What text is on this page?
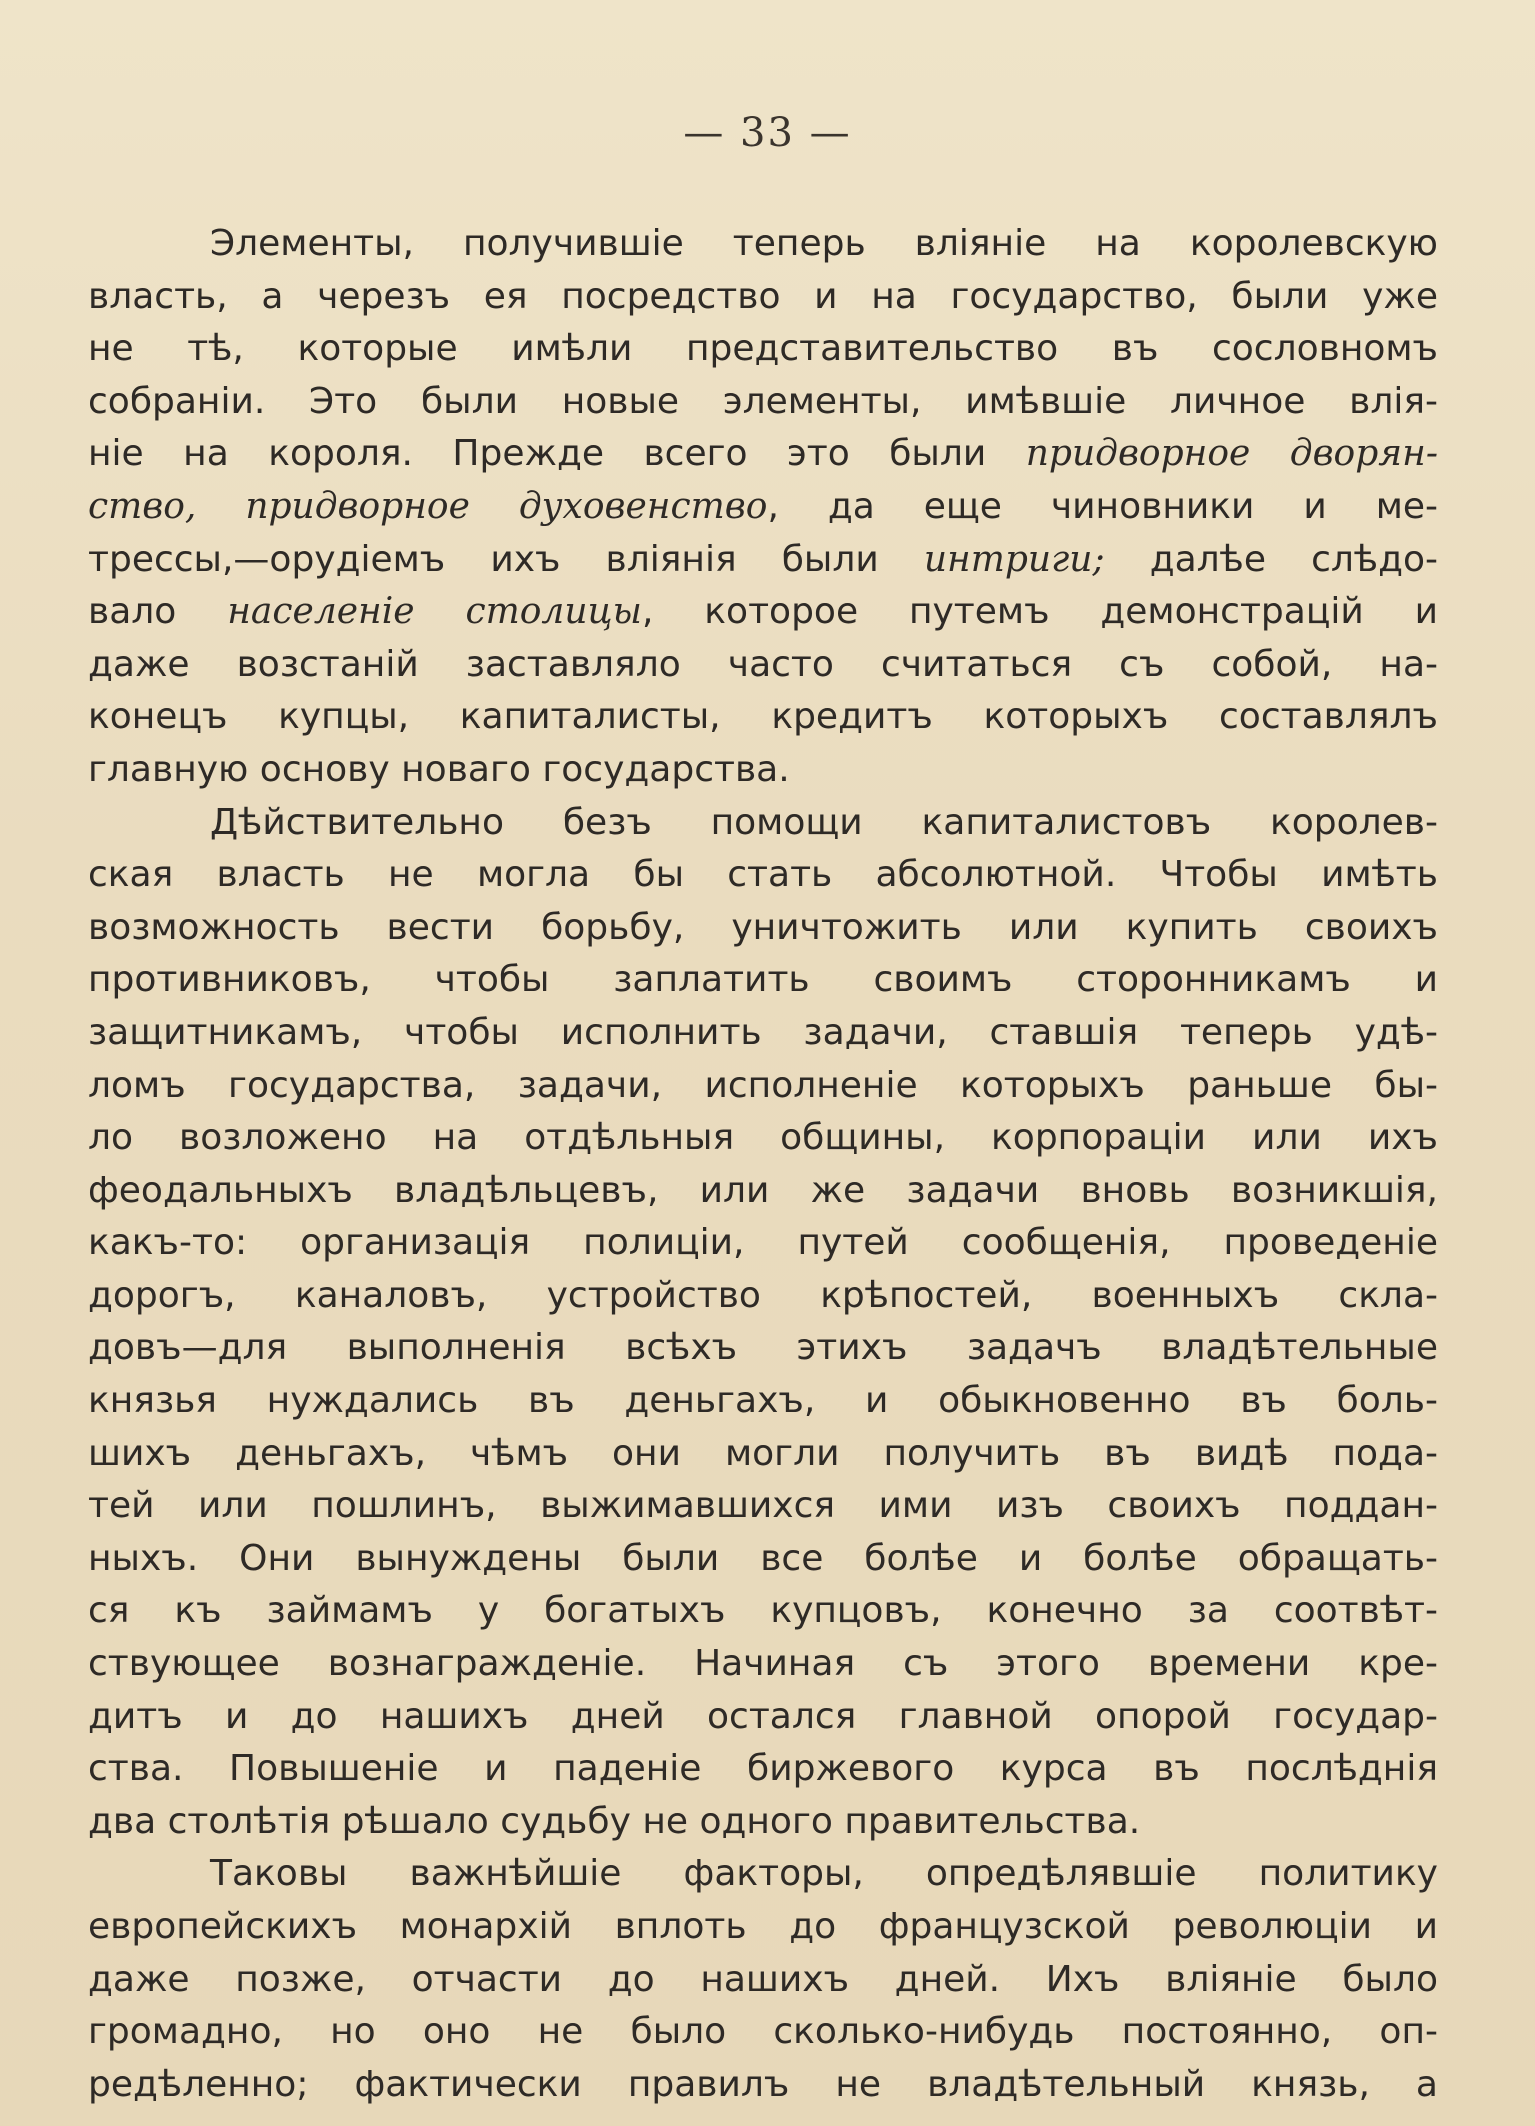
— 33 —
Элементы, получившіе теперь вліяніе на королевскую
власть, а черезъ ея посредство и на государство, были уже
не тѣ, которые имѣли представительство въ сословномъ
собраніи. Это были новые элементы, имѣвшіе личное влія-
ніе на короля. Прежде всего это были придворное дворян-
ство, придворное духовенство, да еще чиновники и ме-
трессы,—орудіемъ ихъ вліянія были интриги; далѣе слѣдо-
вало населеніе столицы, которое путемъ демонстрацій и
даже возстаній заставляло часто считаться съ собой, на-
конецъ купцы, капиталисты, кредитъ которыхъ составлялъ
главную основу новаго государства.
Дѣйствительно безъ помощи капиталистовъ королев-
ская власть не могла бы стать абсолютной. Чтобы имѣть
возможность вести борьбу, уничтожить или купить своихъ
противниковъ, чтобы заплатить своимъ сторонникамъ и
защитникамъ, чтобы исполнить задачи, ставшія теперь удѣ-
ломъ государства, задачи, исполненіе которыхъ раньше бы-
ло возложено на отдѣльныя общины, корпораціи или ихъ
феодальныхъ владѣльцевъ, или же задачи вновь возникшія,
какъ-то: организація полиціи, путей сообщенія, проведеніе
дорогъ, каналовъ, устройство крѣпостей, военныхъ скла-
довъ—для выполненія всѣхъ этихъ задачъ владѣтельные
князья нуждались въ деньгахъ, и обыкновенно въ боль-
шихъ деньгахъ, чѣмъ они могли получить въ видѣ пода-
тей или пошлинъ, выжимавшихся ими изъ своихъ поддан-
ныхъ. Они вынуждены были все болѣе и болѣе обращать-
ся къ займамъ у богатыхъ купцовъ, конечно за соотвѣт-
ствующее вознагражденіе. Начиная съ этого времени кре-
дитъ и до нашихъ дней остался главной опорой государ-
ства. Повышеніе и паденіе биржевого курса въ послѣднія
два столѣтія рѣшало судьбу не одного правительства.
Таковы важнѣйшіе факторы, опредѣлявшіе политику
европейскихъ монархій вплоть до французской революціи и
даже позже, отчасти до нашихъ дней. Ихъ вліяніе было
громадно, но оно не было сколько-нибудь постоянно, оп-
редѣленно; фактически правилъ не владѣтельный князь, а
